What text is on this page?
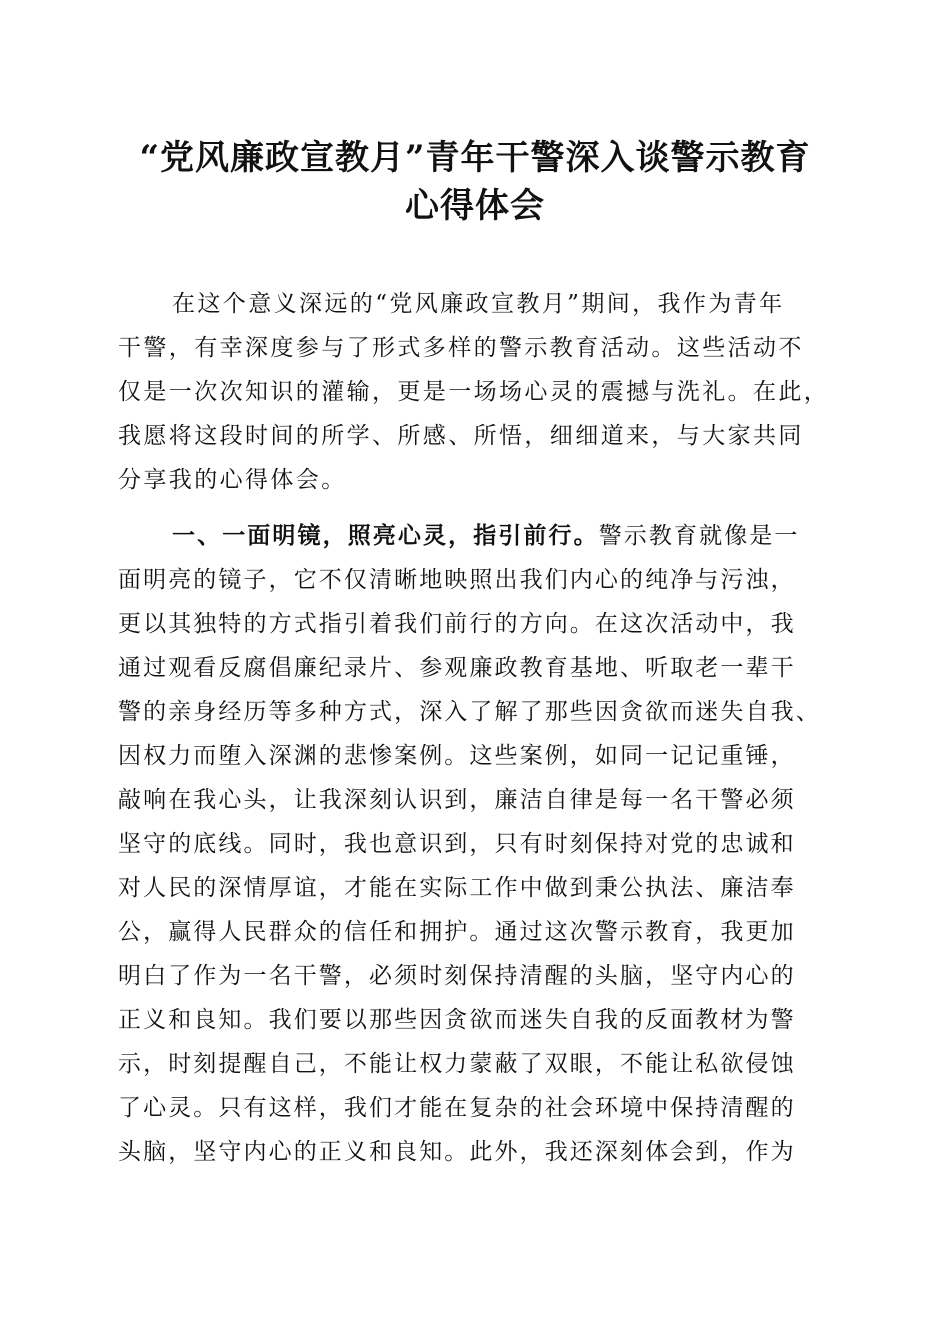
“党风廉政宣教月”青年干警深入谈警示教育
心得体会
在这个意义深远的“党风廉政宣教月”期间，我作为青年
干警，有幸深度参与了形式多样的警示教育活动。这些活动不
仅是一次次知识的灌输，更是一场场心灵的震撼与洗礼。在此，
我愿将这段时间的所学、所感、所悟，细细道来，与大家共同
分享我的心得体会。
一、一面明镜，照亮心灵，指引前行。警示教育就像是一
面明亮的镜子，它不仅清晰地映照出我们内心的纯净与污浊，
更以其独特的方式指引着我们前行的方向。在这次活动中，我
通过观看反腐倡廉纪录片、参观廉政教育基地、听取老一辈干
警的亲身经历等多种方式，深入了解了那些因贪欲而迷失自我、
因权力而堕入深渊的悲惨案例。这些案例，如同一记记重锤，
敲响在我心头，让我深刻认识到，廉洁自律是每一名干警必须
坚守的底线。同时，我也意识到，只有时刻保持对党的忠诚和
对人民的深情厚谊，才能在实际工作中做到秉公执法、廉洁奉
公，赢得人民群众的信任和拥护。通过这次警示教育，我更加
明白了作为一名干警，必须时刻保持清醒的头脑，坚守内心的
正义和良知。我们要以那些因贪欲而迷失自我的反面教材为警
示，时刻提醒自己，不能让权力蒙蔽了双眼，不能让私欲侵蚀
了心灵。只有这样，我们才能在复杂的社会环境中保持清醒的
头脑，坚守内心的正义和良知。此外，我还深刻体会到，作为
